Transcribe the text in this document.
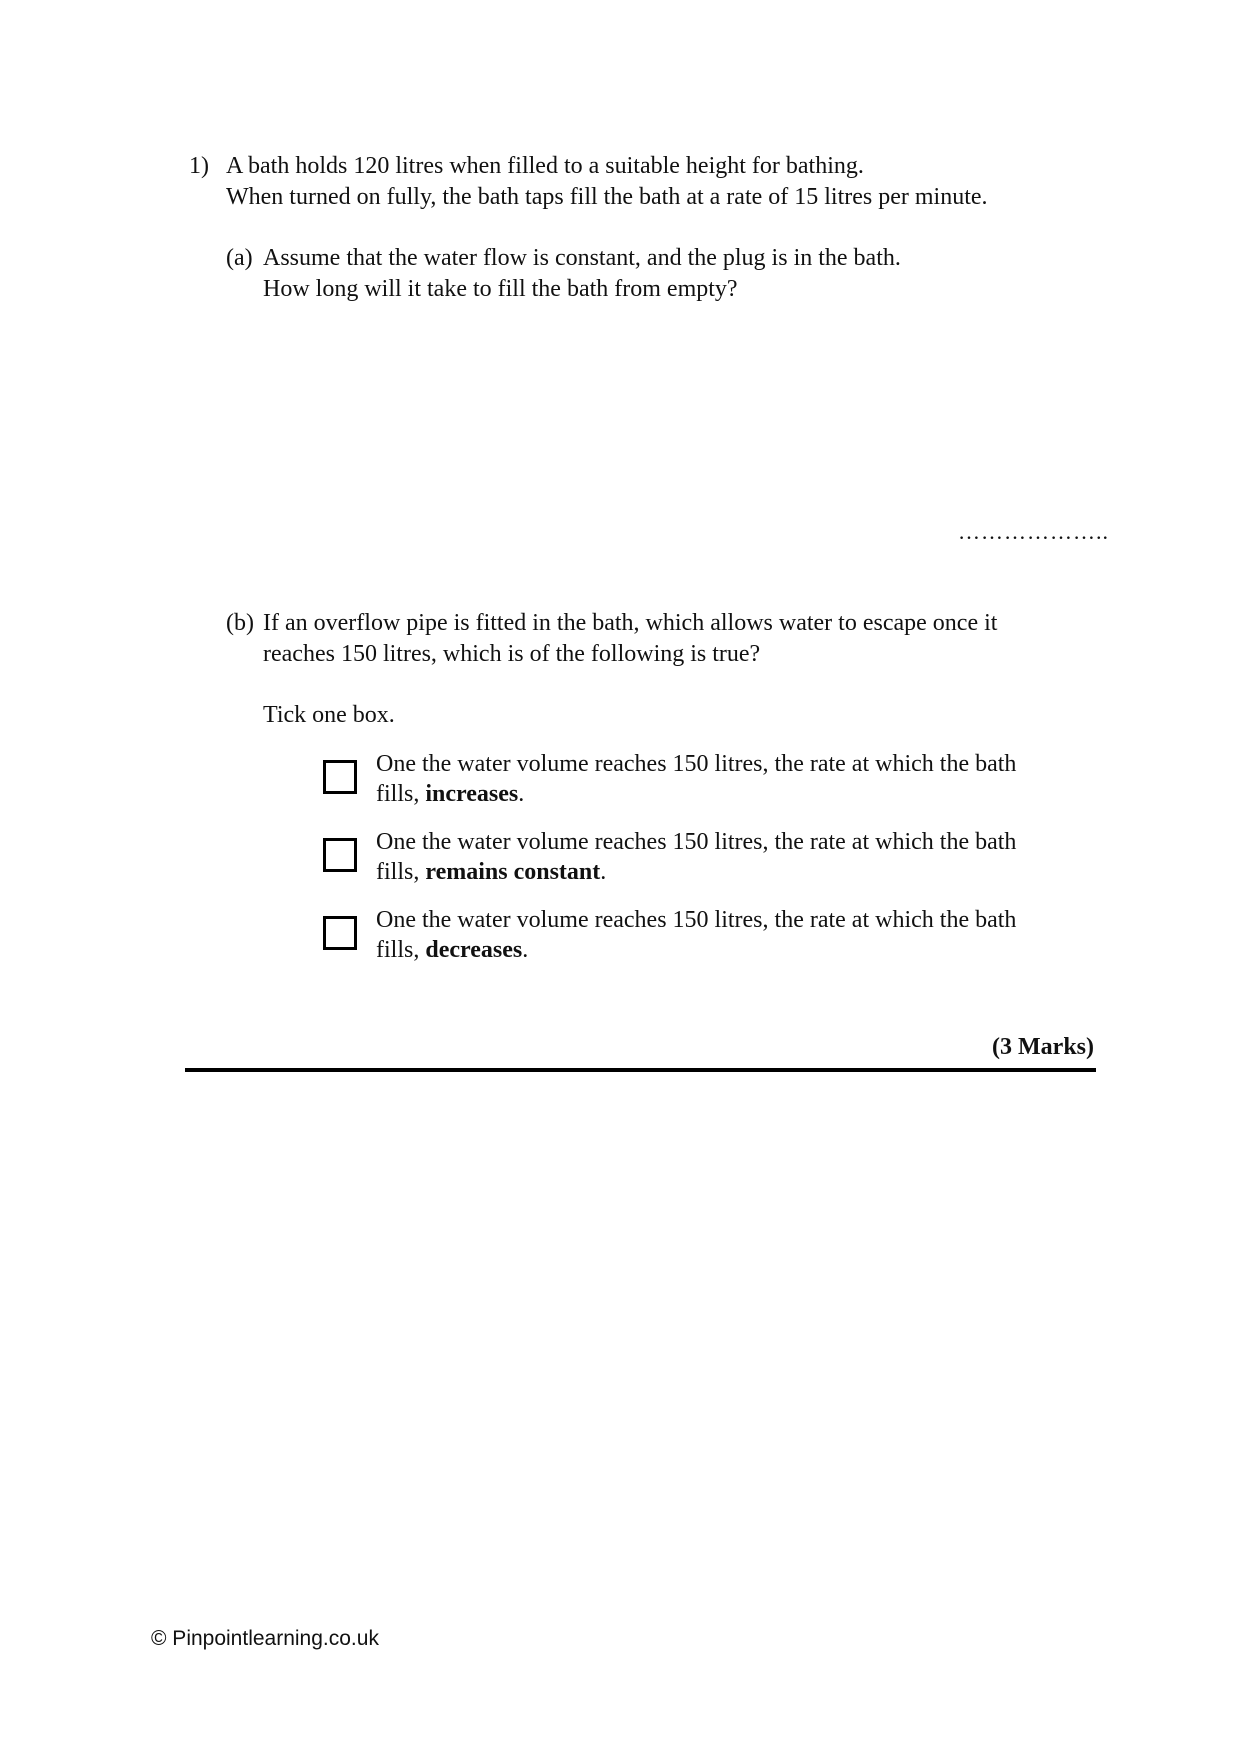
1) A bath holds 120 litres when filled to a suitable height for bathing.
When turned on fully, the bath taps fill the bath at a rate of 15 litres per minute.
(a) Assume that the water flow is constant, and the plug is in the bath.
How long will it take to fill the bath from empty?
………………..
(b) If an overflow pipe is fitted in the bath, which allows water to escape once it
reaches 150 litres, which is of the following is true?
Tick one box.
One the water volume reaches 150 litres, the rate at which the bath
fills, increases.
One the water volume reaches 150 litres, the rate at which the bath
fills, remains constant.
One the water volume reaches 150 litres, the rate at which the bath
fills, decreases.
(3 Marks)
© Pinpointlearning.co.uk
